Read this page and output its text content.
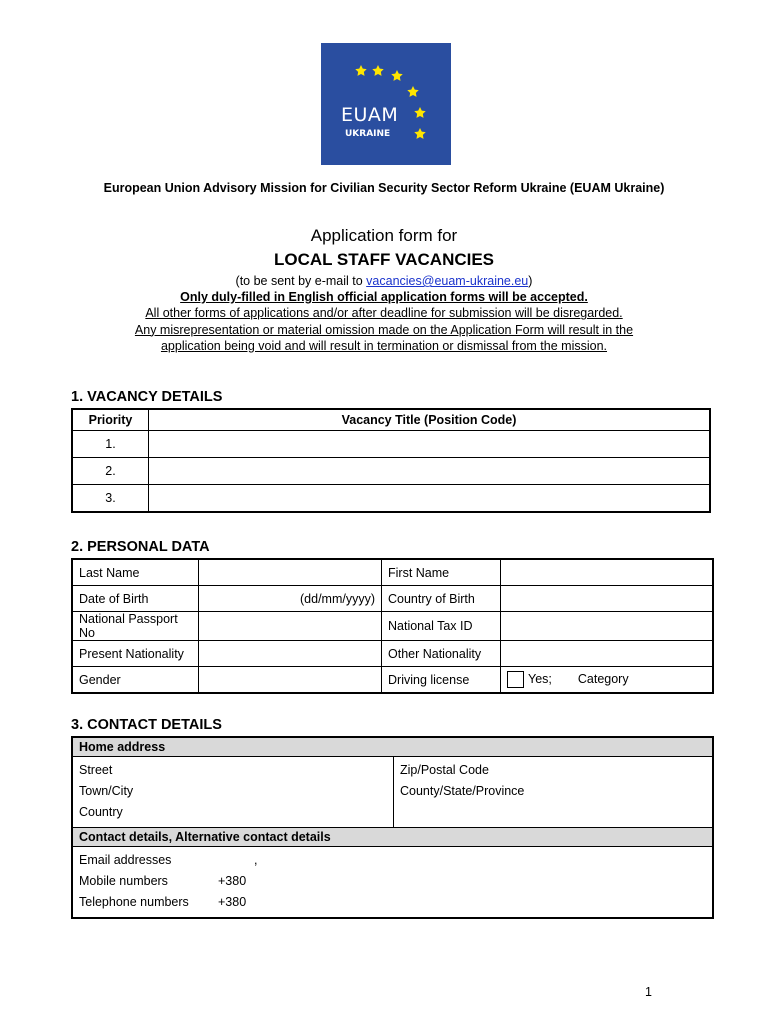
EUAM
UKRAINE
European Union Advisory Mission for Civilian Security Sector Reform Ukraine (EUAM Ukraine)
Application form for
LOCAL STAFF VACANCIES
(to be sent by e-mail to vacancies@euam-ukraine.eu)
Only duly-filled in English official application forms will be accepted.
All other forms of applications and/or after deadline for submission will be disregarded.
Any misrepresentation or material omission made on the Application Form will result in the
application being void and will result in termination or dismissal from the mission.
1. VACANCY DETAILS
Priority	Vacancy Title (Position Code)
1.	
2.	
3.	
2. PERSONAL DATA
Last Name		First Name	
Date of Birth	(dd/mm/yyyy)	Country of Birth	
National Passport No		National Tax ID	
Present Nationality		Other Nationality	
Gender		Driving license	Yes; Category
3. CONTACT DETAILS
Home address

Street
Town/City
Country

Zip/Postal Code
County/State/Province

Contact details, Alternative contact details

Email addresses	,
Mobile numbers	+380
Telephone numbers +380
1
